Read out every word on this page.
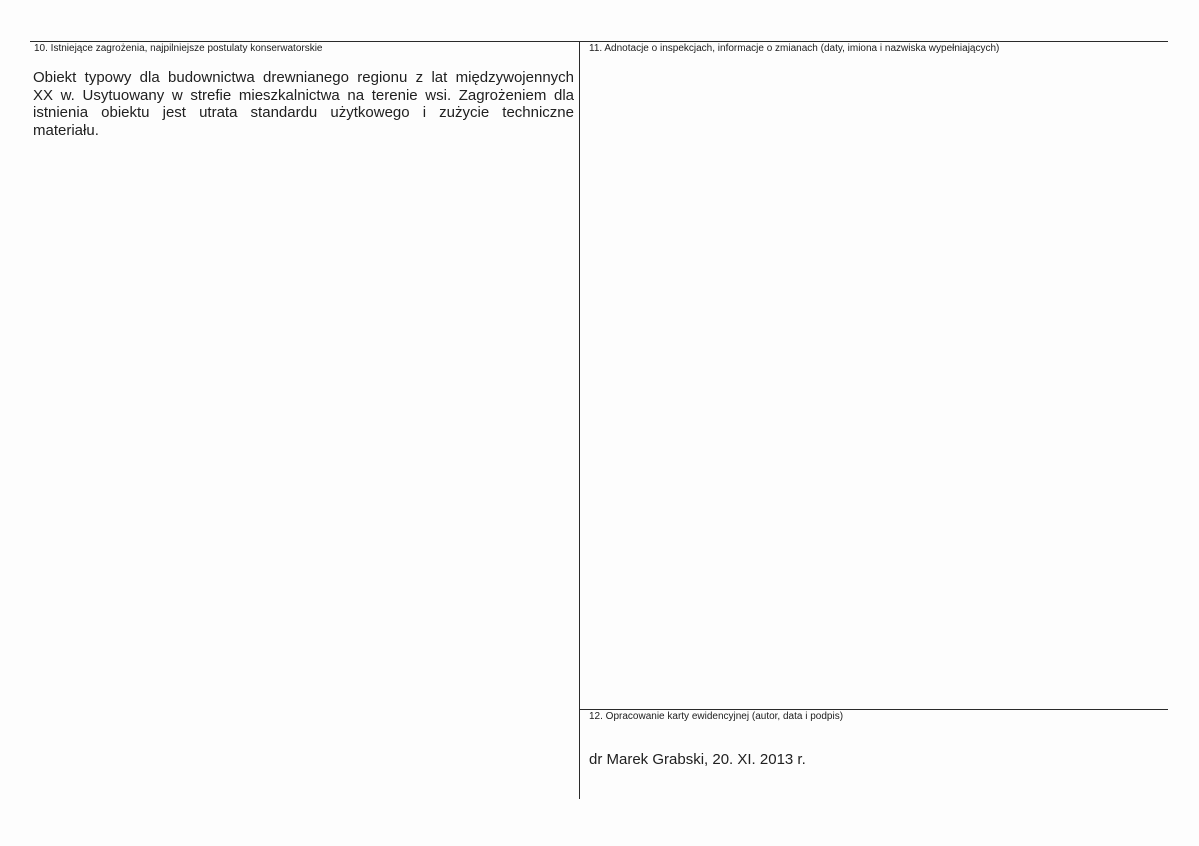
10. Istniejące zagrożenia, najpilniejsze postulaty konserwatorskie
Obiekt typowy dla budownictwa drewnianego regionu z lat międzywojennych
XX w. Usytuowany w strefie mieszkalnictwa na terenie wsi. Zagrożeniem dla
istnienia obiektu jest utrata standardu użytkowego i zużycie techniczne
materiału.
11. Adnotacje o inspekcjach, informacje o zmianach (daty, imiona i nazwiska wypełniających)
12. Opracowanie karty ewidencyjnej (autor, data i podpis)
dr Marek Grabski, 20. XI. 2013 r.
